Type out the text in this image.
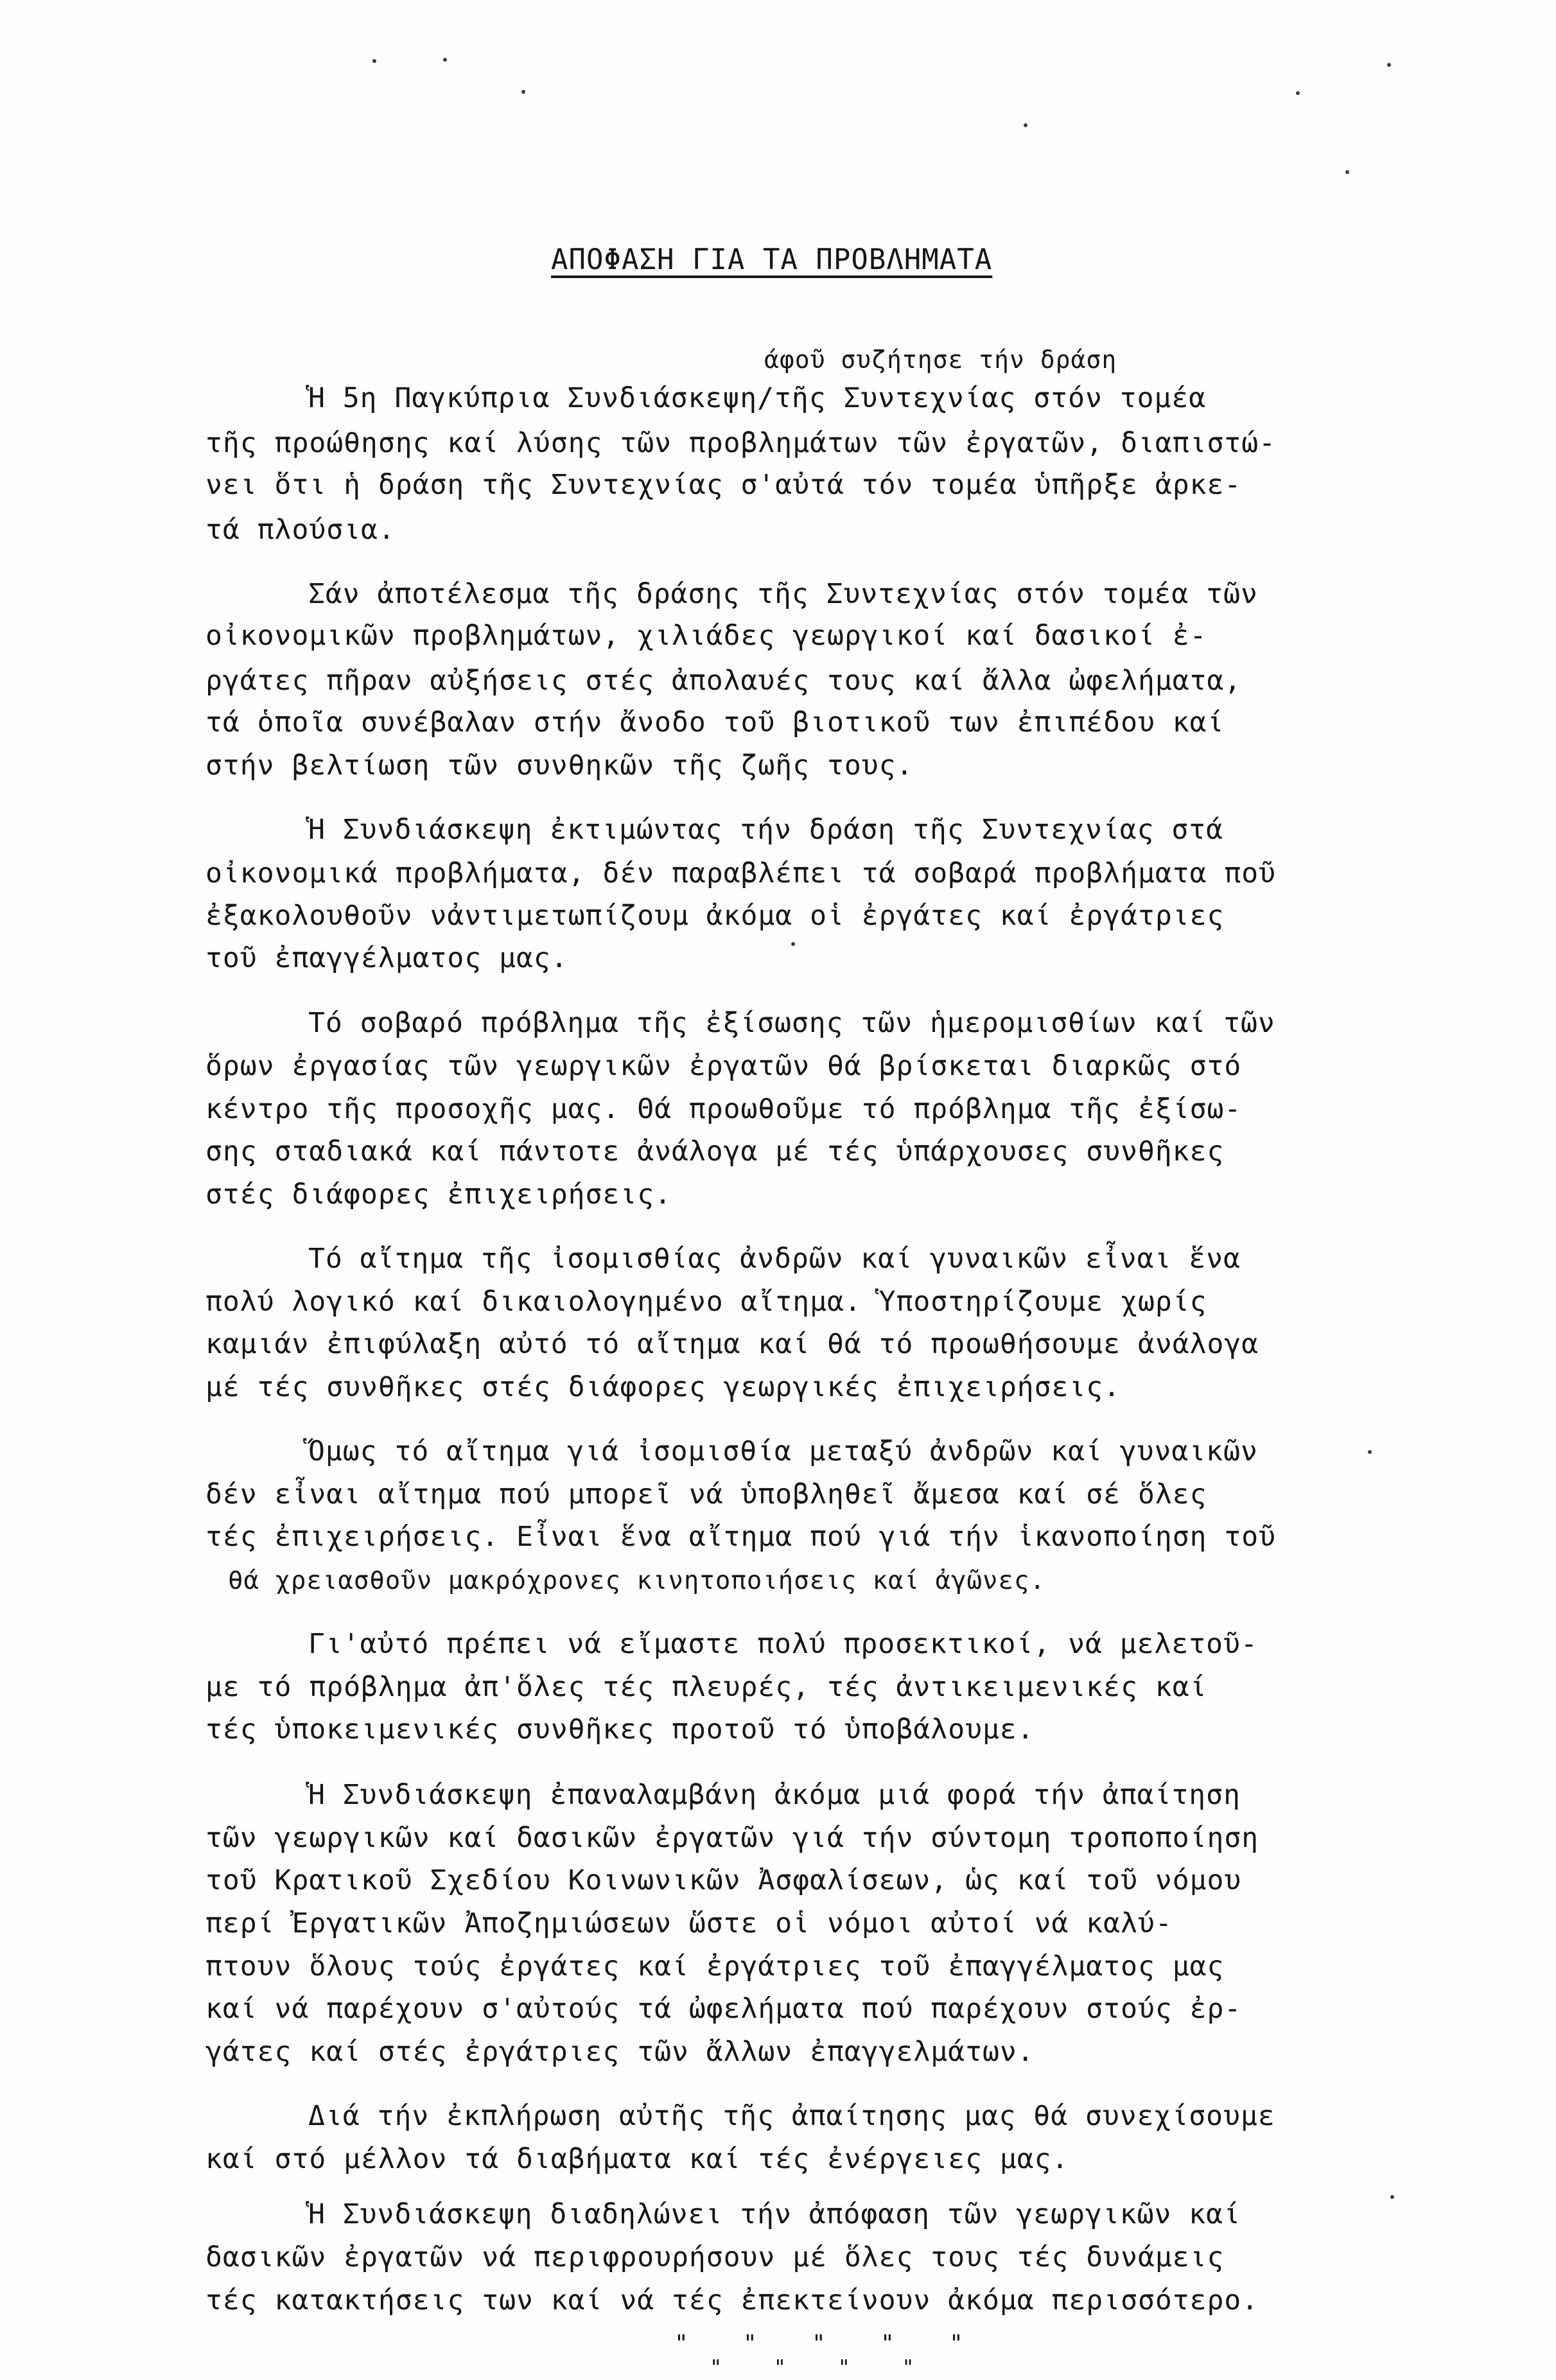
ΑΠΟΦΑΣΗ ΓΙΑ ΤΑ ΠΡΟΒΛΗΜΑΤΑ
άφοῦ συζήτησε τήν δράση
Ἡ 5η Παγκύπρια Συνδιάσκεψη/τῆς Συντεχνίας στόν τομέα
τῆς προώθησης καί λύσης τῶν προβλημάτων τῶν ἐργατῶν, διαπιστώ-
νει ὅτι ἡ δράση τῆς Συντεχνίας σ'αὐτά τόν τομέα ὑπῆρξε ἀρκε-
τά πλούσια.
Σάν ἀποτέλεσμα τῆς δράσης τῆς Συντεχνίας στόν τομέα τῶν
οἰκονομικῶν προβλημάτων, χιλιάδες γεωργικοί καί δασικοί ἐ-
ργάτες πῆραν αὐξήσεις στές ἀπολαυές τους καί ἄλλα ὠφελήματα,
τά ὁποῖα συνέβαλαν στήν ἄνοδο τοῦ βιοτικοῦ των ἐπιπέδου καί
στήν βελτίωση τῶν συνθηκῶν τῆς ζωῆς τους.
Ἡ Συνδιάσκεψη ἐκτιμώντας τήν δράση τῆς Συντεχνίας στά
οἰκονομικά προβλήματα, δέν παραβλέπει τά σοβαρά προβλήματα ποῦ
ἐξακολουθοῦν νἀντιμετωπίζουμ ἀκόμα οἱ ἐργάτες καί ἐργάτριες
τοῦ ἐπαγγέλματος μας.
Τό σοβαρό πρόβλημα τῆς ἐξίσωσης τῶν ἡμερομισθίων καί τῶν
ὅρων ἐργασίας τῶν γεωργικῶν ἐργατῶν θά βρίσκεται διαρκῶς στό
κέντρο τῆς προσοχῆς μας. Θά προωθοῦμε τό πρόβλημα τῆς ἐξίσω-
σης σταδιακά καί πάντοτε ἀνάλογα μέ τές ὑπάρχουσες συνθῆκες
στές διάφορες ἐπιχειρήσεις.
Τό αἴτημα τῆς ἰσομισθίας ἀνδρῶν καί γυναικῶν εἶναι ἕνα
πολύ λογικό καί δικαιολογημένο αἴτημα. Ὑποστηρίζουμε χωρίς
καμιάν ἐπιφύλαξη αὐτό τό αἴτημα καί θά τό προωθήσουμε ἀνάλογα
μέ τές συνθῆκες στές διάφορες γεωργικές ἐπιχειρήσεις.
Ὅμως τό αἴτημα γιά ἰσομισθία μεταξύ ἀνδρῶν καί γυναικῶν
δέν εἶναι αἴτημα πού μπορεῖ νά ὑποβληθεῖ ἄμεσα καί σέ ὅλες
τές ἐπιχειρήσεις. Εἶναι ἕνα αἴτημα πού γιά τήν ἱκανοποίηση τοῦ
θά χρειασθοῦν μακρόχρονες κινητοποιήσεις καί ἀγῶνες.
Γι'αὐτό πρέπει νά εἴμαστε πολύ προσεκτικοί, νά μελετοῦ-
με τό πρόβλημα ἀπ'ὅλες τές πλευρές, τές ἀντικειμενικές καί
τές ὑποκειμενικές συνθῆκες προτοῦ τό ὑποβάλουμε.
Ἡ Συνδιάσκεψη ἐπαναλαμβάνη ἀκόμα μιά φορά τήν ἀπαίτηση
τῶν γεωργικῶν καί δασικῶν ἐργατῶν γιά τήν σύντομη τροποποίηση
τοῦ Κρατικοῦ Σχεδίου Κοινωνικῶν Ἀσφαλίσεων, ὡς καί τοῦ νόμου
περί Ἐργατικῶν Ἀποζημιώσεων ὥστε οἱ νόμοι αὐτοί νά καλύ-
πτουν ὅλους τούς ἐργάτες καί ἐργάτριες τοῦ ἐπαγγέλματος μας
καί νά παρέχουν σ'αὐτούς τά ὠφελήματα πού παρέχουν στούς ἐρ-
γάτες καί στές ἐργάτριες τῶν ἄλλων ἐπαγγελμάτων.
Διά τήν ἐκπλήρωση αὐτῆς τῆς ἀπαίτησης μας θά συνεχίσουμε
καί στό μέλλον τά διαβήματα καί τές ἐνέργειες μας.
Ἡ Συνδιάσκεψη διαδηλώνει τήν ἀπόφαση τῶν γεωργικῶν καί
δασικῶν ἐργατῶν νά περιφρουρήσουν μέ ὅλες τους τές δυνάμεις
τές κατακτήσεις των καί νά τές ἐπεκτείνουν ἀκόμα περισσότερο.
"  "  "  "  "
"  "  "  "
